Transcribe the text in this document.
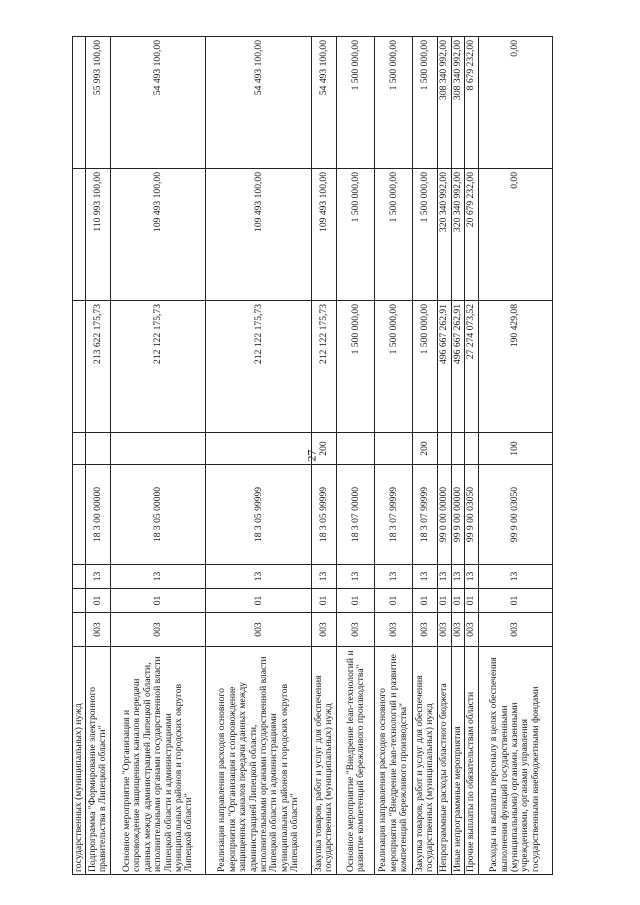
27
государственных (муниципальных) нужд								
Подпрограмма "Формирование электронного правительства в Липецкой области"	003	01	13	18 3 00 00000		213 622 175,73	110 993 100,00	55 993 100,00
Основное мероприятие "Организация и сопровождение защищенных каналов передачи данных между администрацией Липецкой области, исполнительными органами государственной власти Липецкой области и администрациями муниципальных районов и городских округов Липецкой области"	003	01	13	18 3 05 00000		212 122 175,73	109 493 100,00	54 493 100,00
Реализация направления расходов основного мероприятия "Организация и сопровождение защищенных каналов передачи данных между администрацией Липецкой области, исполнительными органами государственной власти Липецкой области и администрациями муниципальных районов и городских округов Липецкой области"	003	01	13	18 3 05 99999		212 122 175,73	109 493 100,00	54 493 100,00
Закупка товаров, работ и услуг для обеспечения государственных (муниципальных) нужд	003	01	13	18 3 05 99999	200	212 122 175,73	109 493 100,00	54 493 100,00
Основное мероприятие "Внедрение lean-технологий и развитие компетенций бережливого производства"	003	01	13	18 3 07 00000		1 500 000,00	1 500 000,00	1 500 000,00
Реализация направления расходов основного мероприятия "Внедрение lean-технологий и развитие компетенций бережливого производства"	003	01	13	18 3 07 99999		1 500 000,00	1 500 000,00	1 500 000,00
Закупка товаров, работ и услуг для обеспечения государственных (муниципальных) нужд	003	01	13	18 3 07 99999	200	1 500 000,00	1 500 000,00	1 500 000,00
Непрограммные расходы областного бюджета	003	01	13	99 0 00 00000		496 667 262,91	320 340 992,00	308 340 992,00
Иные непрограммные мероприятия	003	01	13	99 9 00 00000		496 667 262,91	320 340 992,00	308 340 992,00
Прочие выплаты по обязательствам области	003	01	13	99 9 00 03050		27 274 073,52	20 679 232,00	8 679 232,00
Расходы на выплаты персоналу в целях обеспечения выполнения функций государственными (муниципальными) органами, казенными учреждениями, органами управления государственными внебюджетными фондами	003	01	13	99 9 00 03050	100	190 429,08	0,00	0,00
